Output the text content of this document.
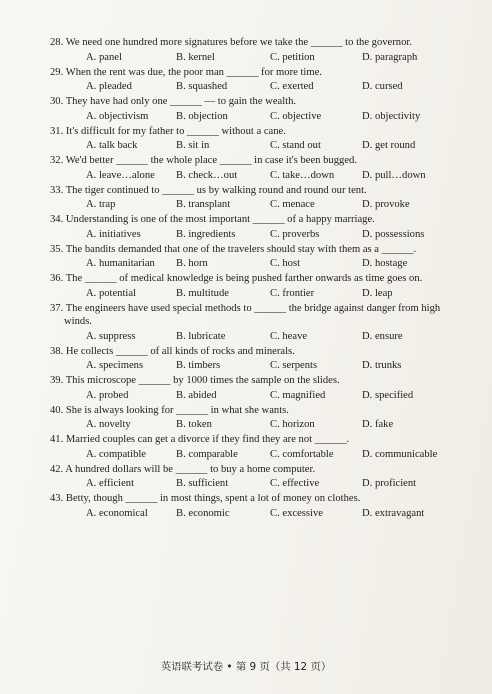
28. We need one hundred more signatures before we take the ______ to the governor.
A. panel	B. kernel	C. petition	D. paragraph
29. When the rent was due, the poor man ______ for more time.
A. pleaded	B. squashed	C. exerted	D. cursed
30. They have had only one ______ — to gain the wealth.
A. objectivism	B. objection	C. objective	D. objectivity
31. It's difficult for my father to ______ without a cane.
A. talk back	B. sit in	C. stand out	D. get round
32. We'd better ______ the whole place ______ in case it's been bugged.
A. leave…alone B. check…out	C. take…down	D. pull…down
33. The tiger continued to ______ us by walking round and round our tent.
A. trap	B. transplant	C. menace	D. provoke
34. Understanding is one of the most important ______ of a happy marriage.
A. initiatives	B. ingredients	C. proverbs	D. possessions
35. The bandits demanded that one of the travelers should stay with them as a ______.
A. humanitarian B. horn	C. host	D. hostage
36. The ______ of medical knowledge is being pushed farther onwards as time goes on.
A. potential	B. multitude	C. frontier	D. leap
37. The engineers have used special methods to ______ the bridge against danger from high winds.
A. suppress	B. lubricate	C. heave	D. ensure
38. He collects ______ of all kinds of rocks and minerals.
A. specimens	B. timbers	C. serpents	D. trunks
39. This microscope ______ by 1000 times the sample on the slides.
A. probed	B. abided	C. magnified	D. specified
40. She is always looking for ______ in what she wants.
A. novelty	B. token	C. horizon	D. fake
41. Married couples can get a divorce if they find they are not ______.
A. compatible	B. comparable	C. comfortable	D. communicable
42. A hundred dollars will be ______ to buy a home computer.
A. efficient	B. sufficient	C. effective	D. proficient
43. Betty, though ______ in most things, spent a lot of money on clothes.
A. economical	B. economic	C. excessive	D. extravagant
英语联考试卷 • 第 9 页（共 12 页）
